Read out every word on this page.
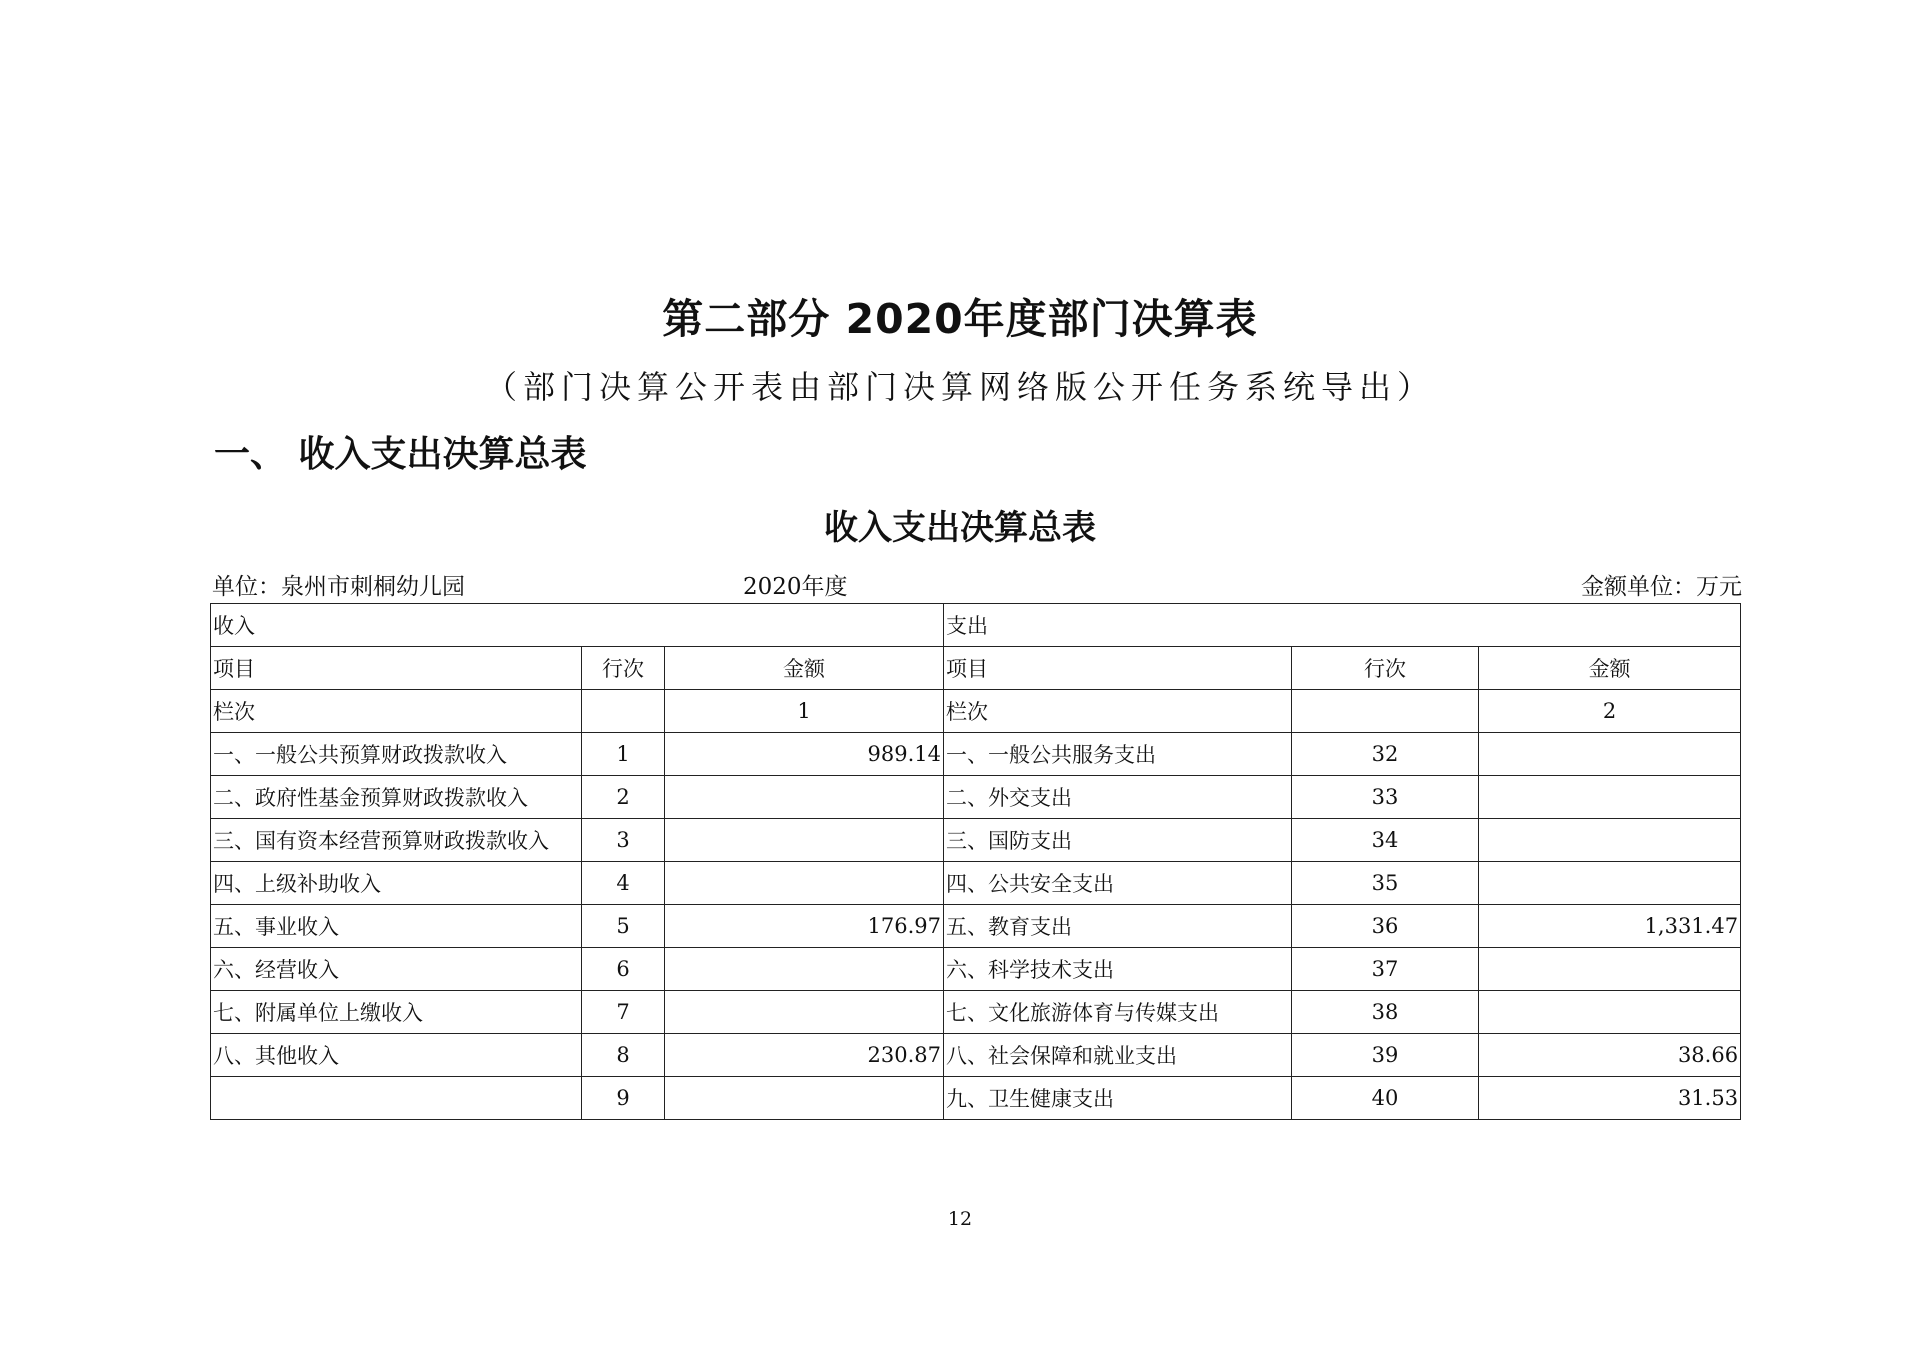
第二部分 2020年度部门决算表
（部门决算公开表由部门决算网络版公开任务系统导出）
一、 收入支出决算总表
收入支出决算总表
单位：泉州市刺桐幼儿园	2020年度	金额单位：万元
收入			支出		
项目	行次	金额	项目	行次	金额
栏次		1	栏次		2
一、一般公共预算财政拨款收入	1	989.14	一、一般公共服务支出	32	
二、政府性基金预算财政拨款收入	2		二、外交支出	33	
三、国有资本经营预算财政拨款收入	3		三、国防支出	34	
四、上级补助收入	4		四、公共安全支出	35	
五、事业收入	5	176.97	五、教育支出	36	1,331.47
六、经营收入	6		六、科学技术支出	37	
七、附属单位上缴收入	7		七、文化旅游体育与传媒支出	38	
八、其他收入	8	230.87	八、社会保障和就业支出	39	38.66
	9		九、卫生健康支出	40	31.53
12
